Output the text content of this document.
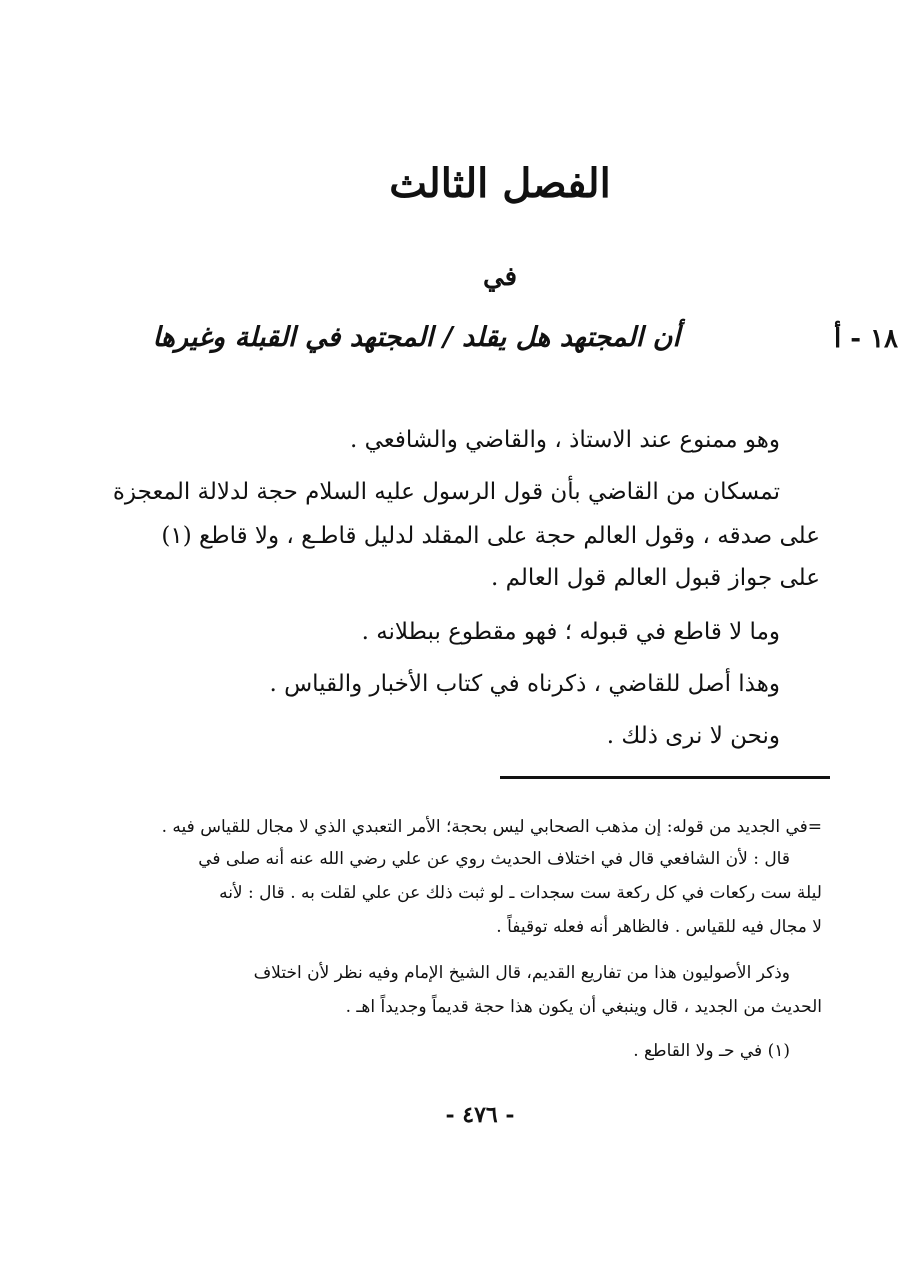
الفصل الثالث
في
أن المجتهد هل يقلد / المجتهد في القبلة وغيرها	١٨ - أ
وهو ممنوع عند الاستاذ ، والقاضي والشافعي .
تمسكان من القاضي بأن قول الرسول عليه السلام حجة لدلالة المعجزة
على صدقه ، وقول العالم حجة على المقلد لدليل قاطـع ، ولا قاطع (١)
على جواز قبول العالم قول العالم .
وما لا قاطع في قبوله ؛ فهو مقطوع ببطلانه .
وهذا أصل للقاضي ، ذكرناه في كتاب الأخبار والقياس .
ونحن لا نرى ذلك .
=في الجديد من قوله: إن مذهب الصحابي ليس بحجة؛ الأمر التعبدي الذي لا مجال للقياس فيه .
قال : لأن الشافعي قال في اختلاف الحديث روي عن علي رضي الله عنه أنه صلى في
ليلة ست ركعات في كل ركعة ست سجدات ـ لو ثبت ذلك عن علي لقلت به . قال : لأنه
لا مجال فيه للقياس . فالظاهر أنه فعله توقيفاً .
وذكر الأصوليون هذا من تفاريع القديم، قال الشيخ الإمام وفيه نظر لأن اختلاف
الحديث من الجديد ، قال وينبغي أن يكون هذا حجة قديماً وجديداً اهـ .
(١) في حـ ولا القاطع .
- ٤٧٦ -
